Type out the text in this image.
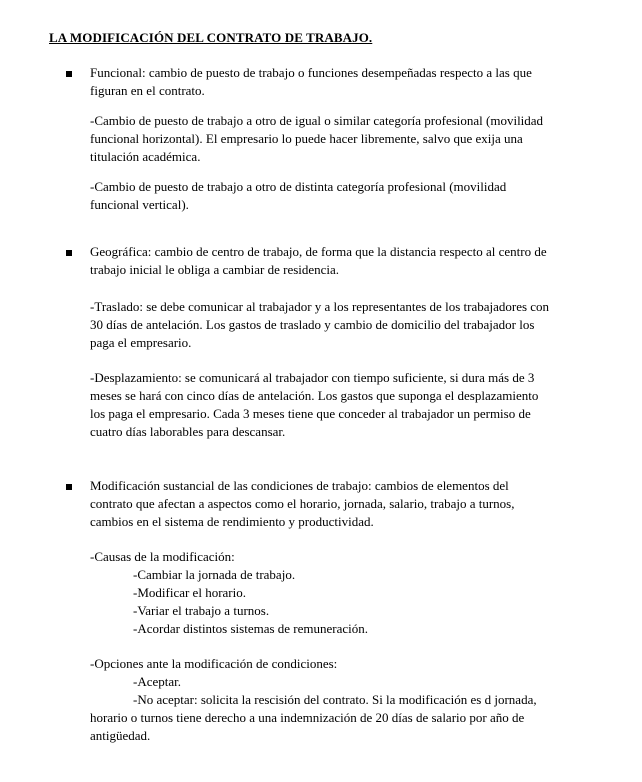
LA MODIFICACIÓN DEL CONTRATO DE TRABAJO.
Funcional: cambio de puesto de trabajo o funciones desempeñadas respecto a las que
figuran en el contrato.
-Cambio de puesto de trabajo a otro de igual o similar categoría profesional (movilidad
funcional horizontal). El empresario lo puede hacer libremente, salvo que exija una
titulación académica.
-Cambio de puesto de trabajo a otro de distinta categoría profesional (movilidad
funcional vertical).
Geográfica: cambio de centro de trabajo, de forma que la distancia respecto al centro de
trabajo inicial le obliga a cambiar de residencia.
-Traslado: se debe comunicar al trabajador y a los representantes de los trabajadores con
30 días de antelación. Los gastos de traslado y cambio de domicilio del trabajador los
paga el empresario.
-Desplazamiento: se comunicará al trabajador con tiempo suficiente, si dura más de 3
meses se hará con cinco días de antelación. Los gastos que suponga el desplazamiento
los paga el empresario. Cada 3 meses tiene que conceder al trabajador un permiso de
cuatro días laborables para descansar.
Modificación sustancial de las condiciones de trabajo: cambios de elementos del
contrato que afectan a aspectos como el horario, jornada, salario, trabajo a turnos,
cambios en el sistema de rendimiento y productividad.
-Causas de la modificación:
-Cambiar la jornada de trabajo.
-Modificar el horario.
-Variar el trabajo a turnos.
-Acordar distintos sistemas de remuneración.
-Opciones ante la modificación de condiciones:
-Aceptar.
-No aceptar: solicita la rescisión del contrato. Si la modificación es d jornada,
horario o turnos tiene derecho a una indemnización de 20 días de salario por año de
antigüedad.
